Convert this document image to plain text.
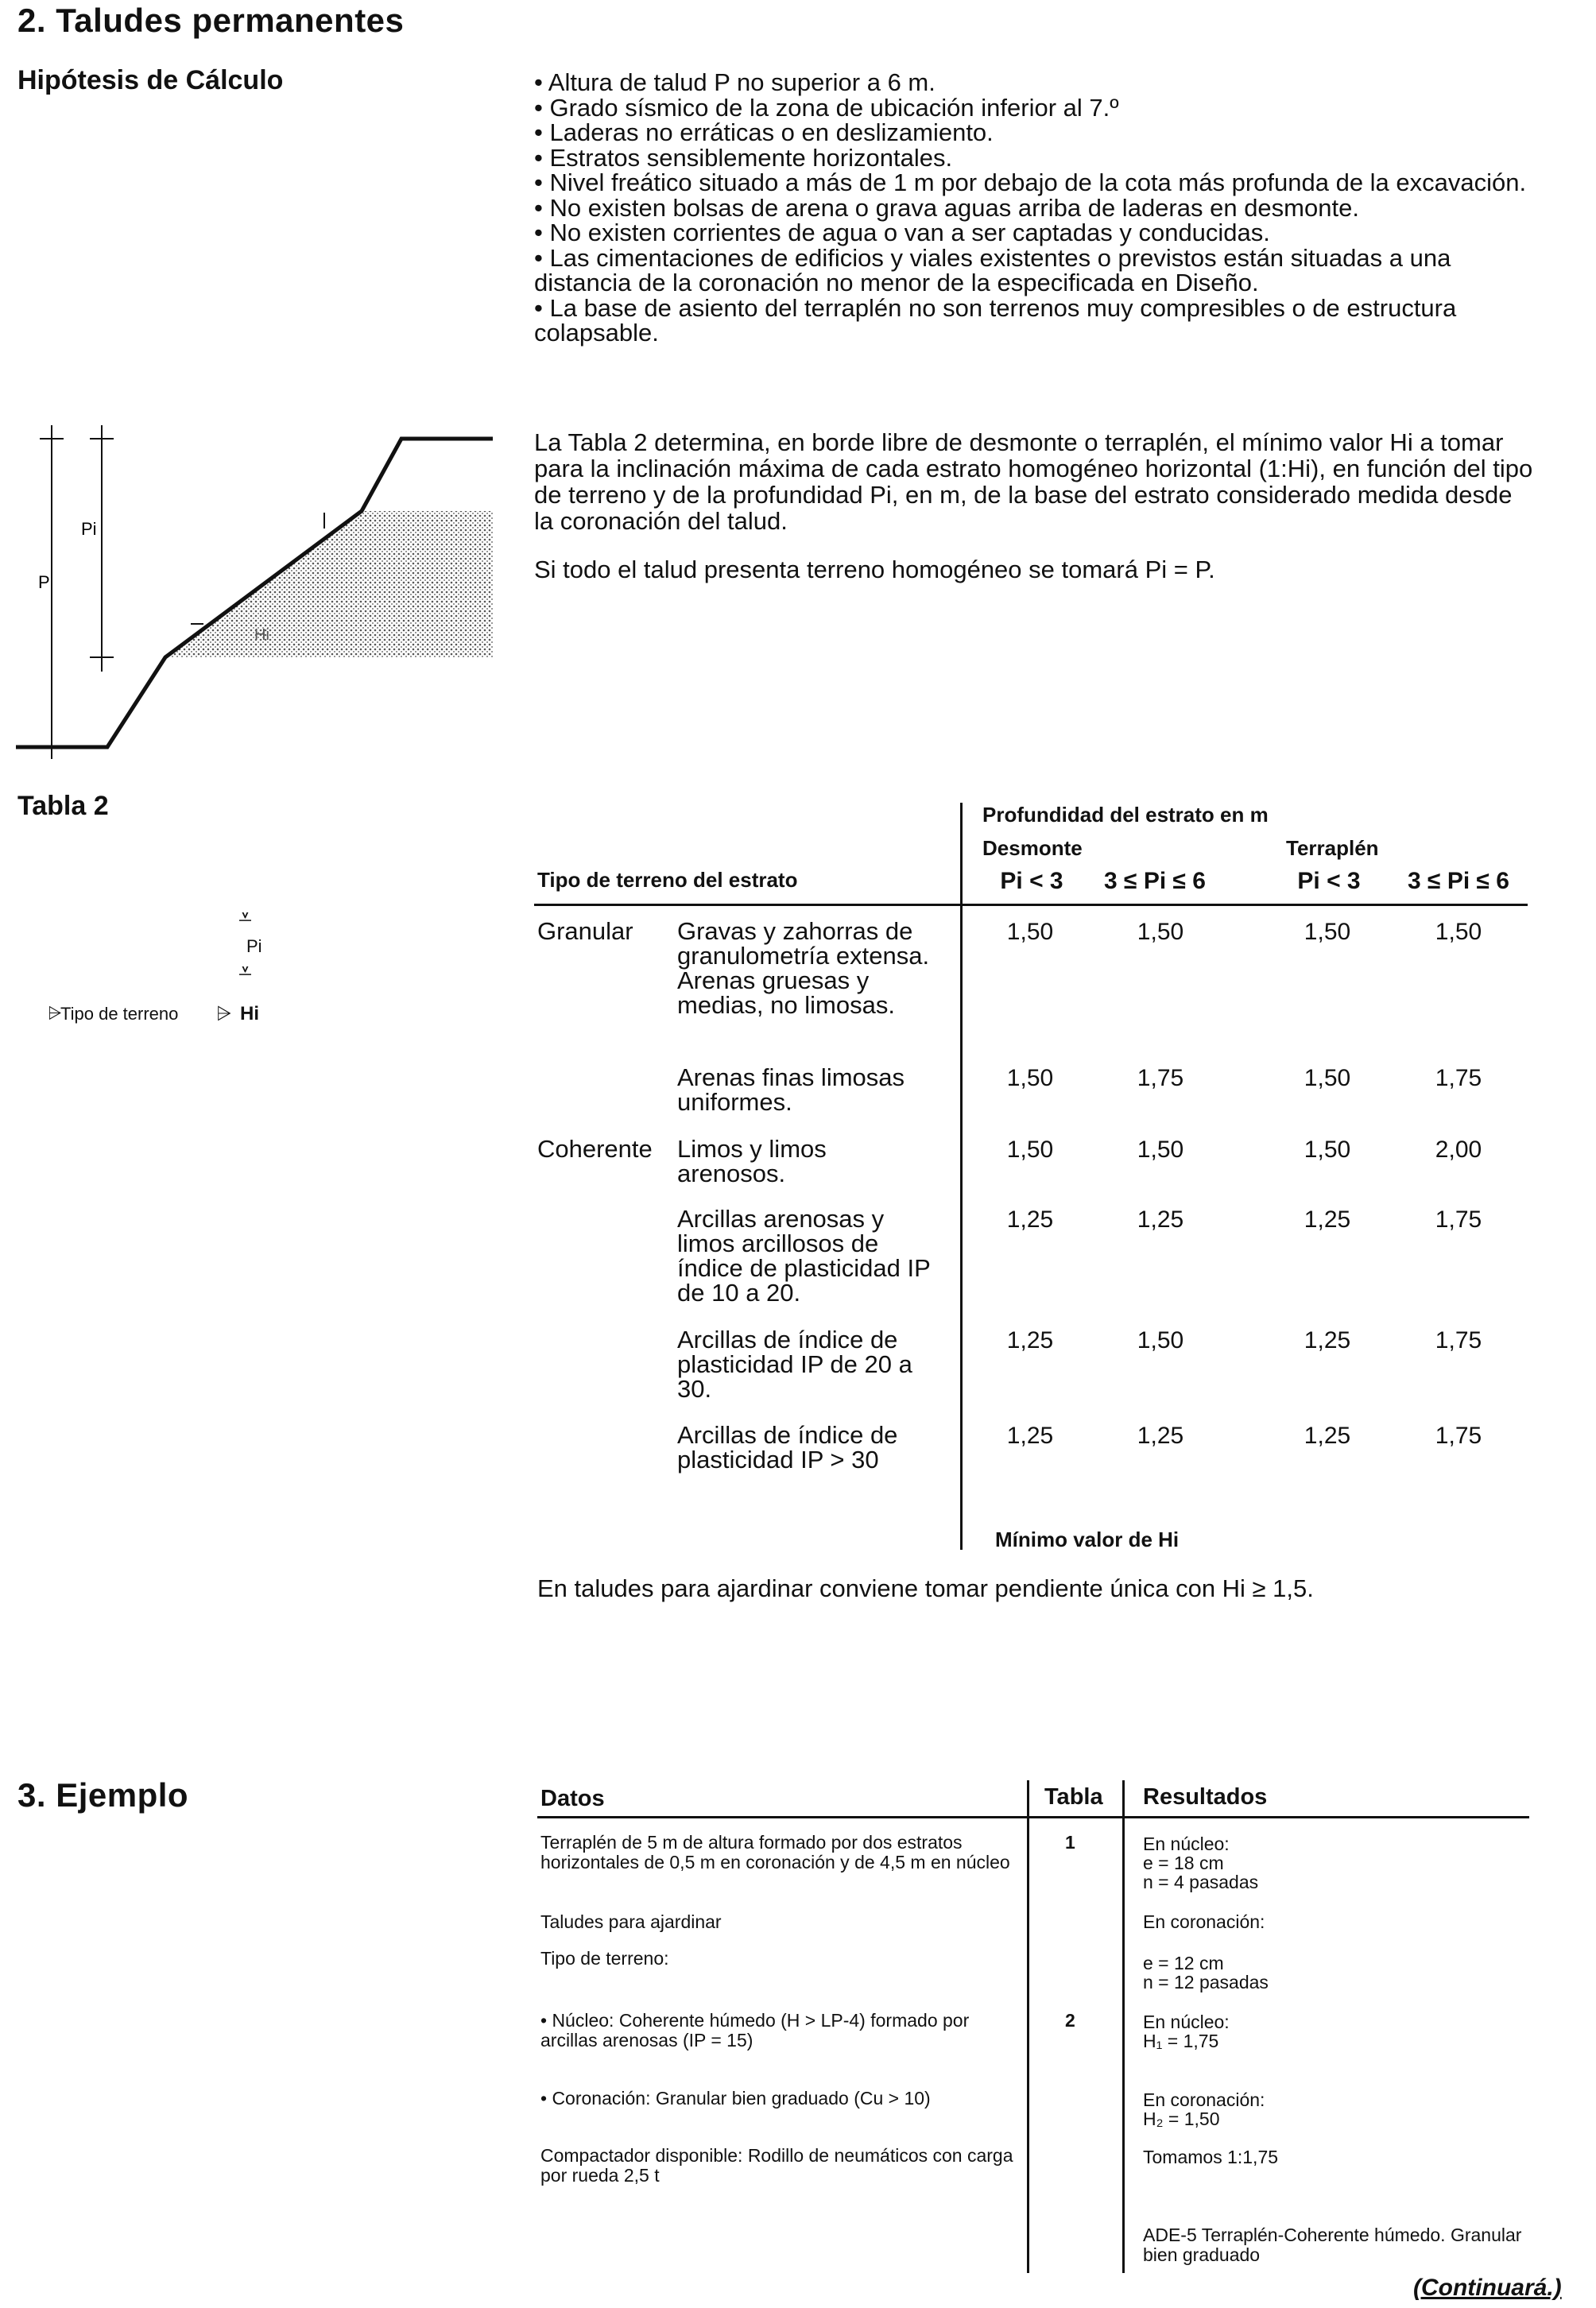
2. Taludes permanentes
Hipótesis de Cálculo
•	Altura de talud P no superior a 6 m.
• Grado sísmico de la zona de ubicación inferior al 7.º
• Laderas no erráticas o en deslizamiento.
• Estratos sensiblemente horizontales.
• Nivel freático situado a más de 1 m por debajo de la cota más profunda de la excavación.
• No existen bolsas de arena o grava aguas arriba de laderas en desmonte.
• No existen corrientes de agua o van a ser captadas y conducidas.
• Las cimentaciones de edificios y viales existentes o previstos están situadas a una distancia de la coronación no menor de la especificada en Diseño.
• La base de asiento del terraplén no son terrenos muy compresibles o de estructura colapsable.
P
Pi
Hi
La Tabla 2 determina, en borde libre de desmonte o terraplén, el mínimo valor Hi a tomar para la inclinación máxima de cada estrato homogéneo horizontal (1:Hi), en función del tipo de terreno y de la profundidad Pi, en m, de la base del estrato considerado medida desde la coronación del talud.
Si todo el talud presenta terreno homogéneo se tomará Pi = P.
Tabla 2
⩡
Pi
⩡
⩥
Tipo de terreno ⩥ Hi
Profundidad del estrato en m
Desmonte	Terraplén
Tipo de terreno del estrato	Pi < 3	3 ≤ Pi ≤ 6	Pi < 3	3 ≤ Pi ≤ 6
Granular Gravas y zahorras de granulometría extensa. Arenas gruesas y medias, no limosas.
1,50	1,50	1,50	1,50
Arenas finas limosas uniformes.
1,50	1,75	1,50	1,75
Coherente Limos y limos arenosos.
1,50	1,50	1,50	2,00
Arcillas arenosas y limos arcillosos de índice de plasticidad IP de 10 a 20.
1,25	1,25	1,25	1,75
Arcillas de índice de plasticidad IP de 20 a 30.
1,25	1,50	1,25	1,75
Arcillas de índice de plasticidad IP > 30
1,25	1,25	1,25	1,75
Mínimo valor de Hi
En taludes para ajardinar conviene tomar pendiente única con Hi ≥ 1,5.
3. Ejemplo	Datos	Tabla Resultados
Terraplén de 5 m de altura formado por dos estratos horizontales de 0,5 m en coronación y de 4,5 m en núcleo
Taludes para ajardinar
Tipo de terreno:
• Núcleo: Coherente húmedo (H > LP-4) formado por arcillas arenosas (IP = 15)
• Coronación: Granular bien graduado (Cu > 10)
Compactador disponible: Rodillo de neumáticos con carga por rueda 2,5 t
1
2
En núcleo:
e = 18 cm
n = 4 pasadas
En coronación:
e = 12 cm
n = 12 pasadas
En núcleo:
H₁ = 1,75
En coronación:
H₂ = 1,50
Tomamos 1:1,75
ADE-5 Terraplén-Coherente húmedo. Granular bien graduado
(Continuará.)
